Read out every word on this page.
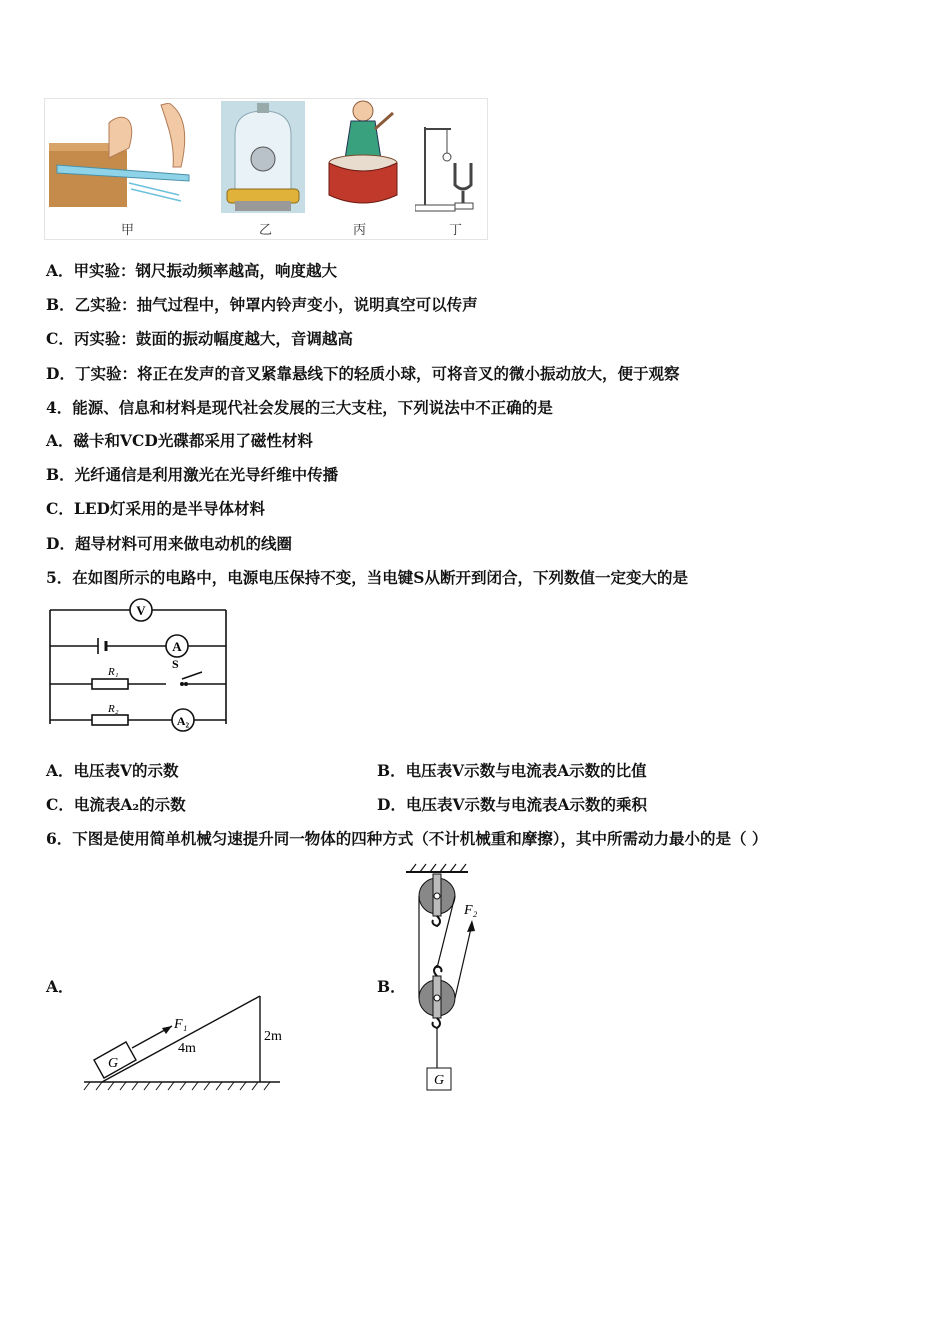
甲	乙	丙	丁
A．甲实验：钢尺振动频率越高，响度越大
B．乙实验：抽气过程中，钟罩内铃声变小，说明真空可以传声
C．丙实验：鼓面的振动幅度越大，音调越高
D．丁实验：将正在发声的音叉紧靠悬线下的轻质小球，可将音叉的微小振动放大，便于观察
4．能源、信息和材料是现代社会发展的三大支柱，下列说法中不正确的是
A．磁卡和VCD光碟都采用了磁性材料
B．光纤通信是利用激光在光导纤维中传播
C．LED灯采用的是半导体材料
D．超导材料可用来做电动机的线圈
5．在如图所示的电路中，电源电压保持不变，当电键S从断开到闭合，下列数值一定变大的是
V
A
A₂
R₁
R₂
S
A．电压表V的示数	B．电压表V示数与电流表A示数的比值
C．电流表A₂的示数	D．电压表V示数与电流表A示数的乘积
6．下图是使用简单机械匀速提升同一物体的四种方式（不计机械重和摩擦），其中所需动力最小的是（ ）
A．	B．
G
F₁
4m
2m
G
F₂
